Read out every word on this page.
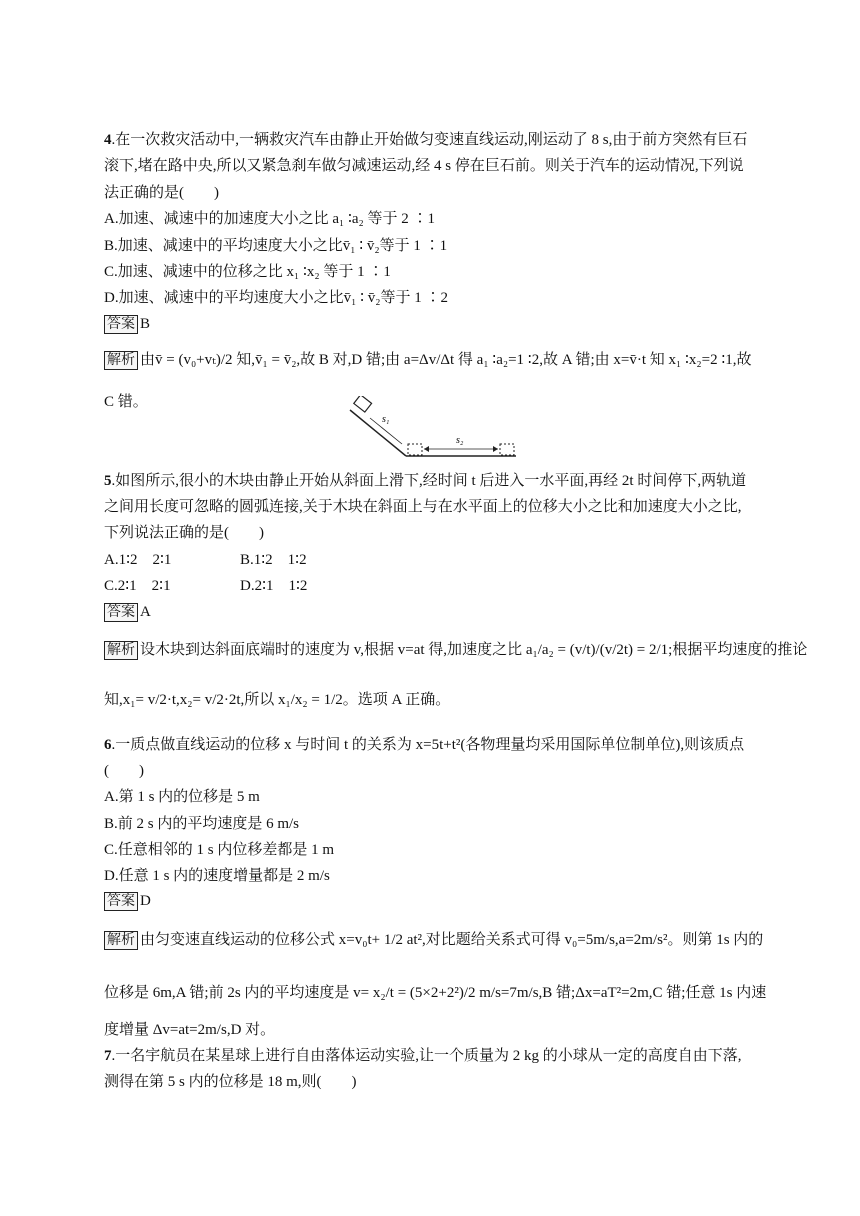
4.在一次救灾活动中,一辆救灾汽车由静止开始做匀变速直线运动,刚运动了 8 s,由于前方突然有巨石
滚下,堵在路中央,所以又紧急刹车做匀减速运动,经 4 s 停在巨石前。则关于汽车的运动情况,下列说
法正确的是(　　)
A.加速、减速中的加速度大小之比 a₁ ∶a₂ 等于 2 ∶1
B.加速、减速中的平均速度大小之比v̄₁ ∶ v̄₂等于 1 ∶1
C.加速、减速中的位移之比 x₁ ∶x₂ 等于 1 ∶1
D.加速、减速中的平均速度大小之比v̄₁ ∶ v̄₂等于 1 ∶2
答案 B
解析 由v̄ = (v₀+vₜ)/2 知,v̄₁ = v̄₂,故 B 对,D 错;由 a=Δv/Δt 得 a₁ ∶a₂=1 ∶2,故 A 错;由 x=v̄·t 知 x₁ ∶x₂=2 ∶1,故
C 错。
s₁
s₂
5.如图所示,很小的木块由静止开始从斜面上滑下,经时间 t 后进入一水平面,再经 2t 时间停下,两轨道
之间用长度可忽略的圆弧连接,关于木块在斜面上与在水平面上的位移大小之比和加速度大小之比,
下列说法正确的是(　　)
A.1∶2　2∶1	B.1∶2　1∶2
C.2∶1　2∶1	D.2∶1　1∶2
答案 A
解析 设木块到达斜面底端时的速度为 v,根据 v=at 得,加速度之比 a₁/a₂ = (v/t)/(v/2t) = 2/1;根据平均速度的推论
知,x₁= v/2·t,x₂= v/2·2t,所以 x₁/x₂ = 1/2。选项 A 正确。
6.一质点做直线运动的位移 x 与时间 t 的关系为 x=5t+t²(各物理量均采用国际单位制单位),则该质点
(　　)
A.第 1 s 内的位移是 5 m
B.前 2 s 内的平均速度是 6 m/s
C.任意相邻的 1 s 内位移差都是 1 m
D.任意 1 s 内的速度增量都是 2 m/s
答案 D
解析 由匀变速直线运动的位移公式 x=v₀t+ 1/2 at²,对比题给关系式可得 v₀=5m/s,a=2m/s²。则第 1s 内的
位移是 6m,A 错;前 2s 内的平均速度是 v= x₂/t = (5×2+2²)/2 m/s=7m/s,B 错;Δx=aT²=2m,C 错;任意 1s 内速
度增量 Δv=at=2m/s,D 对。
7.一名宇航员在某星球上进行自由落体运动实验,让一个质量为 2 kg 的小球从一定的高度自由下落,
测得在第 5 s 内的位移是 18 m,则(　　)
